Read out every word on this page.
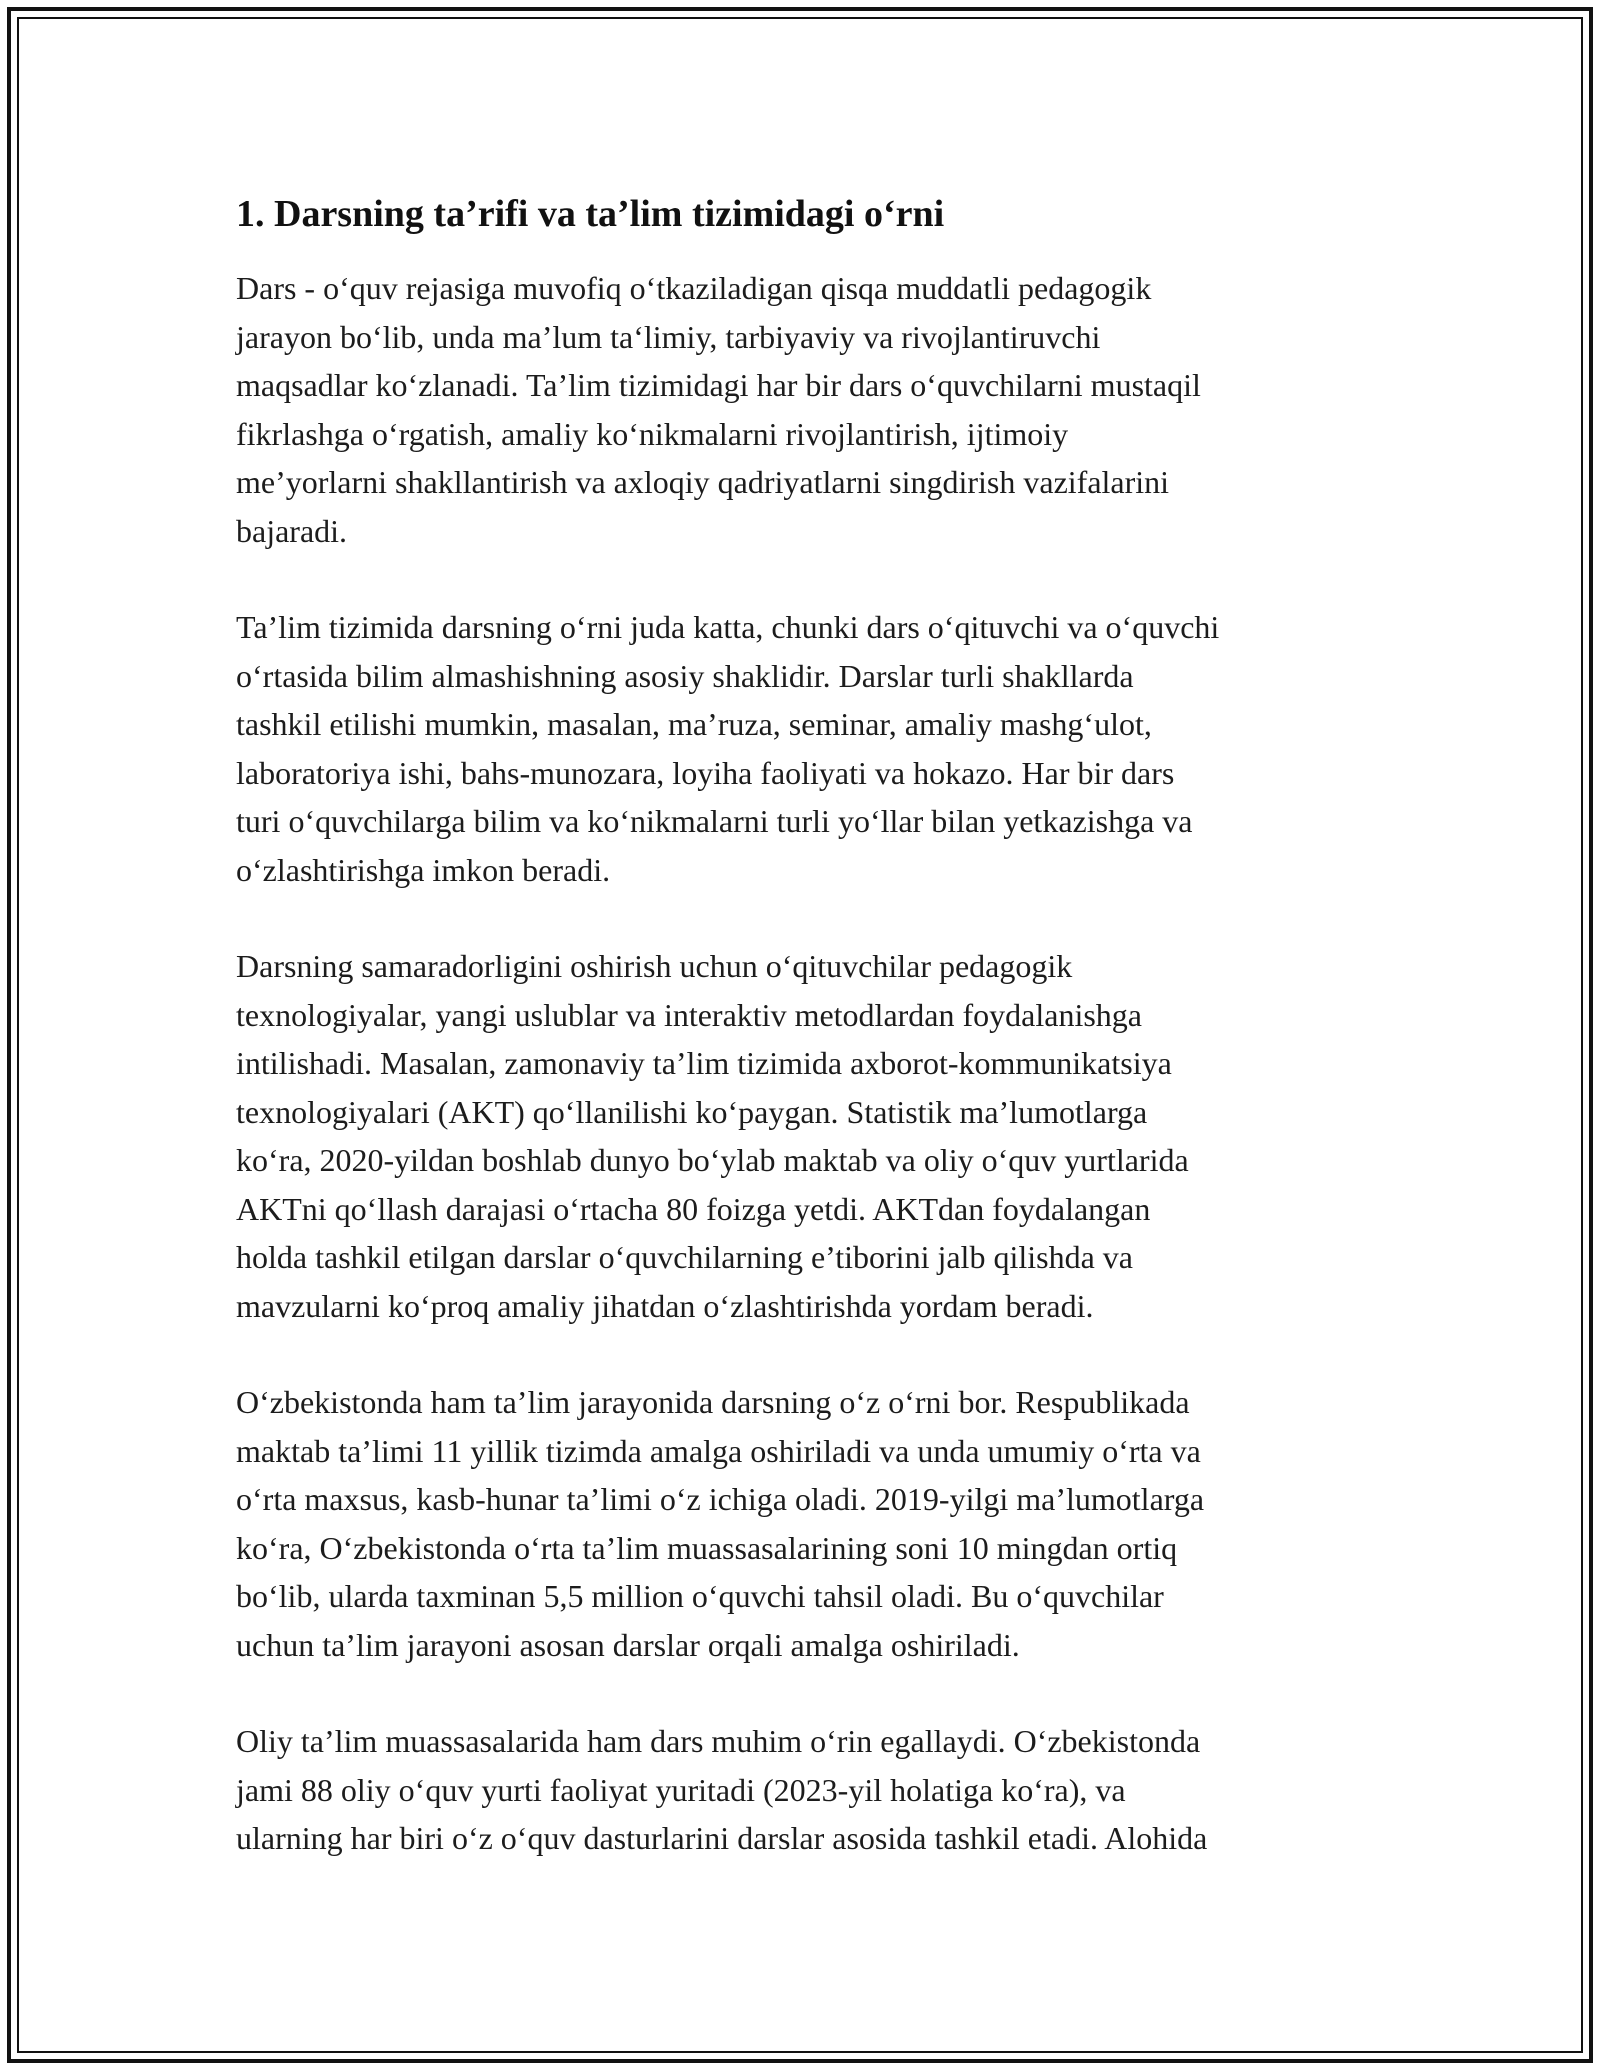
1. Darsning ta’rifi va ta’lim tizimidagi o‘rni

Dars - o‘quv rejasiga muvofiq o‘tkaziladigan qisqa muddatli pedagogik
jarayon bo‘lib, unda ma’lum ta‘limiy, tarbiyaviy va rivojlantiruvchi
maqsadlar ko‘zlanadi. Ta’lim tizimidagi har bir dars o‘quvchilarni mustaqil
fikrlashga o‘rgatish, amaliy ko‘nikmalarni rivojlantirish, ijtimoiy
me’yorlarni shakllantirish va axloqiy qadriyatlarni singdirish vazifalarini
bajaradi.

Ta’lim tizimida darsning o‘rni juda katta, chunki dars o‘qituvchi va o‘quvchi
o‘rtasida bilim almashishning asosiy shaklidir. Darslar turli shakllarda
tashkil etilishi mumkin, masalan, ma’ruza, seminar, amaliy mashg‘ulot,
laboratoriya ishi, bahs-munozara, loyiha faoliyati va hokazo. Har bir dars
turi o‘quvchilarga bilim va ko‘nikmalarni turli yo‘llar bilan yetkazishga va
o‘zlashtirishga imkon beradi.

Darsning samaradorligini oshirish uchun o‘qituvchilar pedagogik
texnologiyalar, yangi uslublar va interaktiv metodlardan foydalanishga
intilishadi. Masalan, zamonaviy ta’lim tizimida axborot-kommunikatsiya
texnologiyalari (AKT) qo‘llanilishi ko‘paygan. Statistik ma’lumotlarga
ko‘ra, 2020-yildan boshlab dunyo bo‘ylab maktab va oliy o‘quv yurtlarida
AKTni qo‘llash darajasi o‘rtacha 80 foizga yetdi. AKTdan foydalangan
holda tashkil etilgan darslar o‘quvchilarning e’tiborini jalb qilishda va
mavzularni ko‘proq amaliy jihatdan o‘zlashtirishda yordam beradi.

O‘zbekistonda ham ta’lim jarayonida darsning o‘z o‘rni bor. Respublikada
maktab ta’limi 11 yillik tizimda amalga oshiriladi va unda umumiy o‘rta va
o‘rta maxsus, kasb-hunar ta’limi o‘z ichiga oladi. 2019-yilgi ma’lumotlarga
ko‘ra, O‘zbekistonda o‘rta ta’lim muassasalarining soni 10 mingdan ortiq
bo‘lib, ularda taxminan 5,5 million o‘quvchi tahsil oladi. Bu o‘quvchilar
uchun ta’lim jarayoni asosan darslar orqali amalga oshiriladi.

Oliy ta’lim muassasalarida ham dars muhim o‘rin egallaydi. O‘zbekistonda
jami 88 oliy o‘quv yurti faoliyat yuritadi (2023-yil holatiga ko‘ra), va
ularning har biri o‘z o‘quv dasturlarini darslar asosida tashkil etadi. Alohida
